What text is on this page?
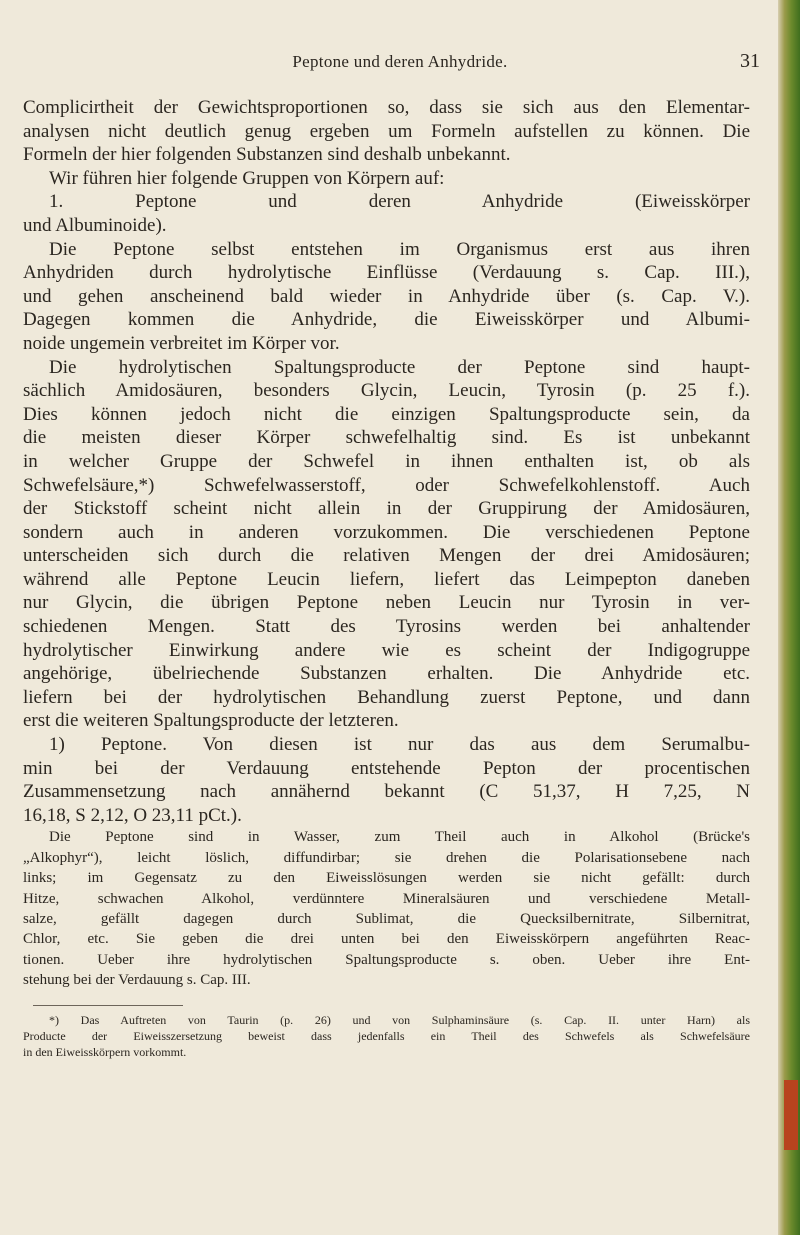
Peptone und deren Anhydride.	31
Complicirtheit der Gewichtsproportionen so, dass sie sich aus den Elementar-
analysen nicht deutlich genug ergeben um Formeln aufstellen zu können. Die
Formeln der hier folgenden Substanzen sind deshalb unbekannt.
Wir führen hier folgende Gruppen von Körpern auf:
1. Peptone und deren Anhydride (Eiweisskörper
und Albuminoide).
Die Peptone selbst entstehen im Organismus erst aus ihren
Anhydriden durch hydrolytische Einflüsse (Verdauung s. Cap. III.),
und gehen anscheinend bald wieder in Anhydride über (s. Cap. V.).
Dagegen kommen die Anhydride, die Eiweisskörper und Albumi-
noide ungemein verbreitet im Körper vor.
Die hydrolytischen Spaltungsproducte der Peptone sind haupt-
sächlich Amidosäuren, besonders Glycin, Leucin, Tyrosin (p. 25 f.).
Dies können jedoch nicht die einzigen Spaltungsproducte sein, da
die meisten dieser Körper schwefelhaltig sind. Es ist unbekannt
in welcher Gruppe der Schwefel in ihnen enthalten ist, ob als
Schwefelsäure,*) Schwefelwasserstoff, oder Schwefelkohlenstoff. Auch
der Stickstoff scheint nicht allein in der Gruppirung der Amidosäuren,
sondern auch in anderen vorzukommen. Die verschiedenen Peptone
unterscheiden sich durch die relativen Mengen der drei Amidosäuren;
während alle Peptone Leucin liefern, liefert das Leimpepton daneben
nur Glycin, die übrigen Peptone neben Leucin nur Tyrosin in ver-
schiedenen Mengen. Statt des Tyrosins werden bei anhaltender
hydrolytischer Einwirkung andere wie es scheint der Indigogruppe
angehörige, übelriechende Substanzen erhalten. Die Anhydride etc.
liefern bei der hydrolytischen Behandlung zuerst Peptone, und dann
erst die weiteren Spaltungsproducte der letzteren.
1) Peptone. Von diesen ist nur das aus dem Serumalbu-
min bei der Verdauung entstehende Pepton der procentischen
Zusammensetzung nach annähernd bekannt (C 51,37, H 7,25, N
16,18, S 2,12, O 23,11 pCt.).
Die Peptone sind in Wasser, zum Theil auch in Alkohol (Brücke's
„Alkophyr“), leicht löslich, diffundirbar; sie drehen die Polarisationsebene nach
links; im Gegensatz zu den Eiweisslösungen werden sie nicht gefällt: durch
Hitze, schwachen Alkohol, verdünntere Mineralsäuren und verschiedene Metall-
salze, gefällt dagegen durch Sublimat, die Quecksilbernitrate, Silbernitrat,
Chlor, etc. Sie geben die drei unten bei den Eiweisskörpern angeführten Reac-
tionen. Ueber ihre hydrolytischen Spaltungsproducte s. oben. Ueber ihre Ent-
stehung bei der Verdauung s. Cap. III.
*) Das Auftreten von Taurin (p. 26) und von Sulphaminsäure (s. Cap. II. unter Harn) als
Producte der Eiweisszersetzung beweist dass jedenfalls ein Theil des Schwefels als Schwefelsäure
in den Eiweisskörpern vorkommt.
